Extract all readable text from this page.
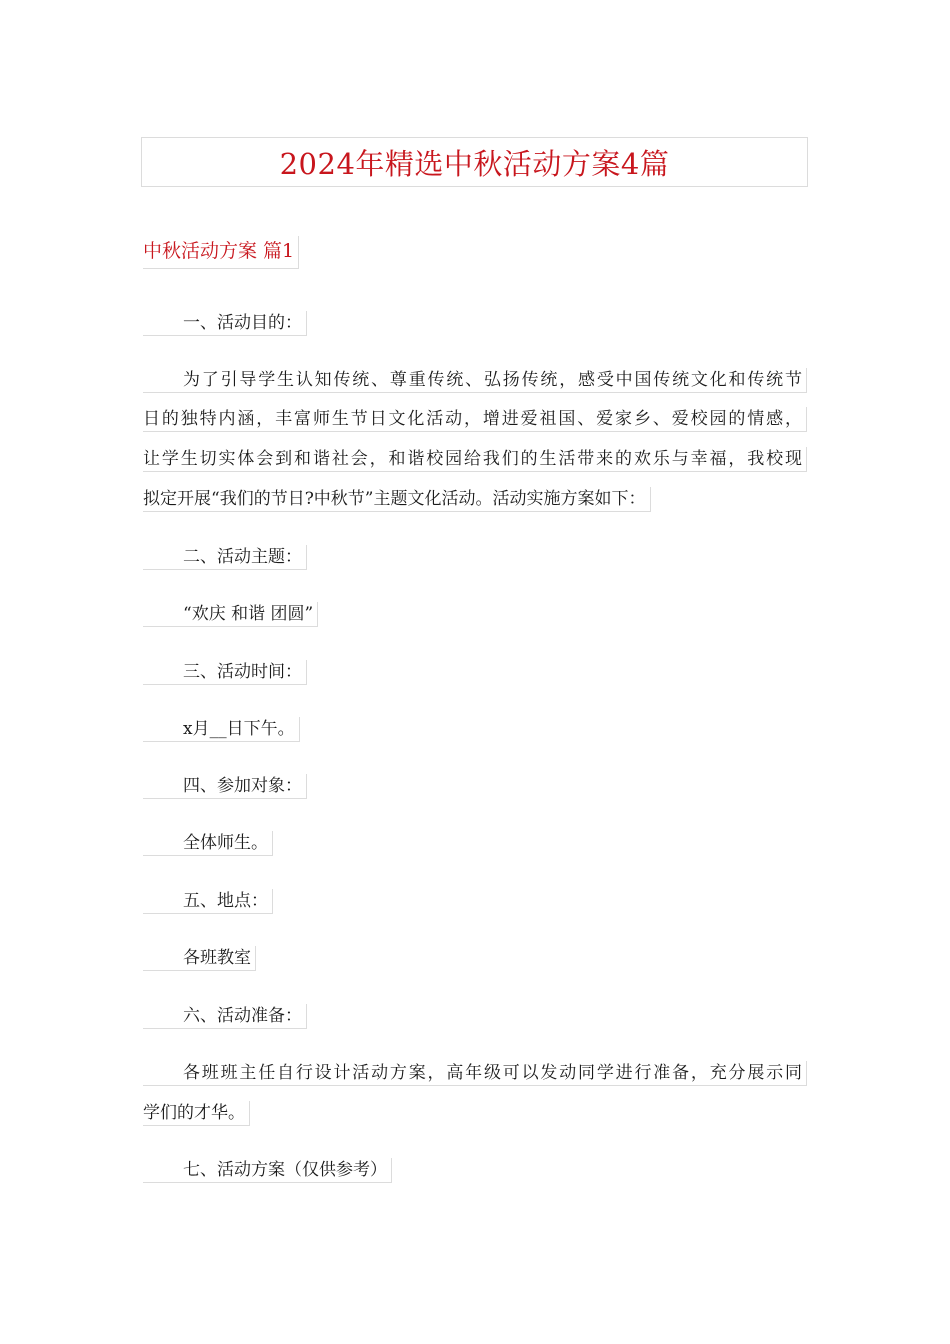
2024年精选中秋活动方案4篇
中秋活动方案 篇1
一、活动目的：
为了引导学生认知传统、尊重传统、弘扬传统，感受中国传统文化和传统节
日的独特内涵，丰富师生节日文化活动，增进爱祖国、爱家乡、爱校园的情感，
让学生切实体会到和谐社会，和谐校园给我们的生活带来的欢乐与幸福，我校现
拟定开展“我们的节日?中秋节”主题文化活动。活动实施方案如下：
二、活动主题：
“欢庆 和谐 团圆”
三、活动时间：
x月__日下午。
四、参加对象：
全体师生。
五、地点：
各班教室
六、活动准备：
各班班主任自行设计活动方案，高年级可以发动同学进行准备，充分展示同
学们的才华。
七、活动方案（仅供参考）
